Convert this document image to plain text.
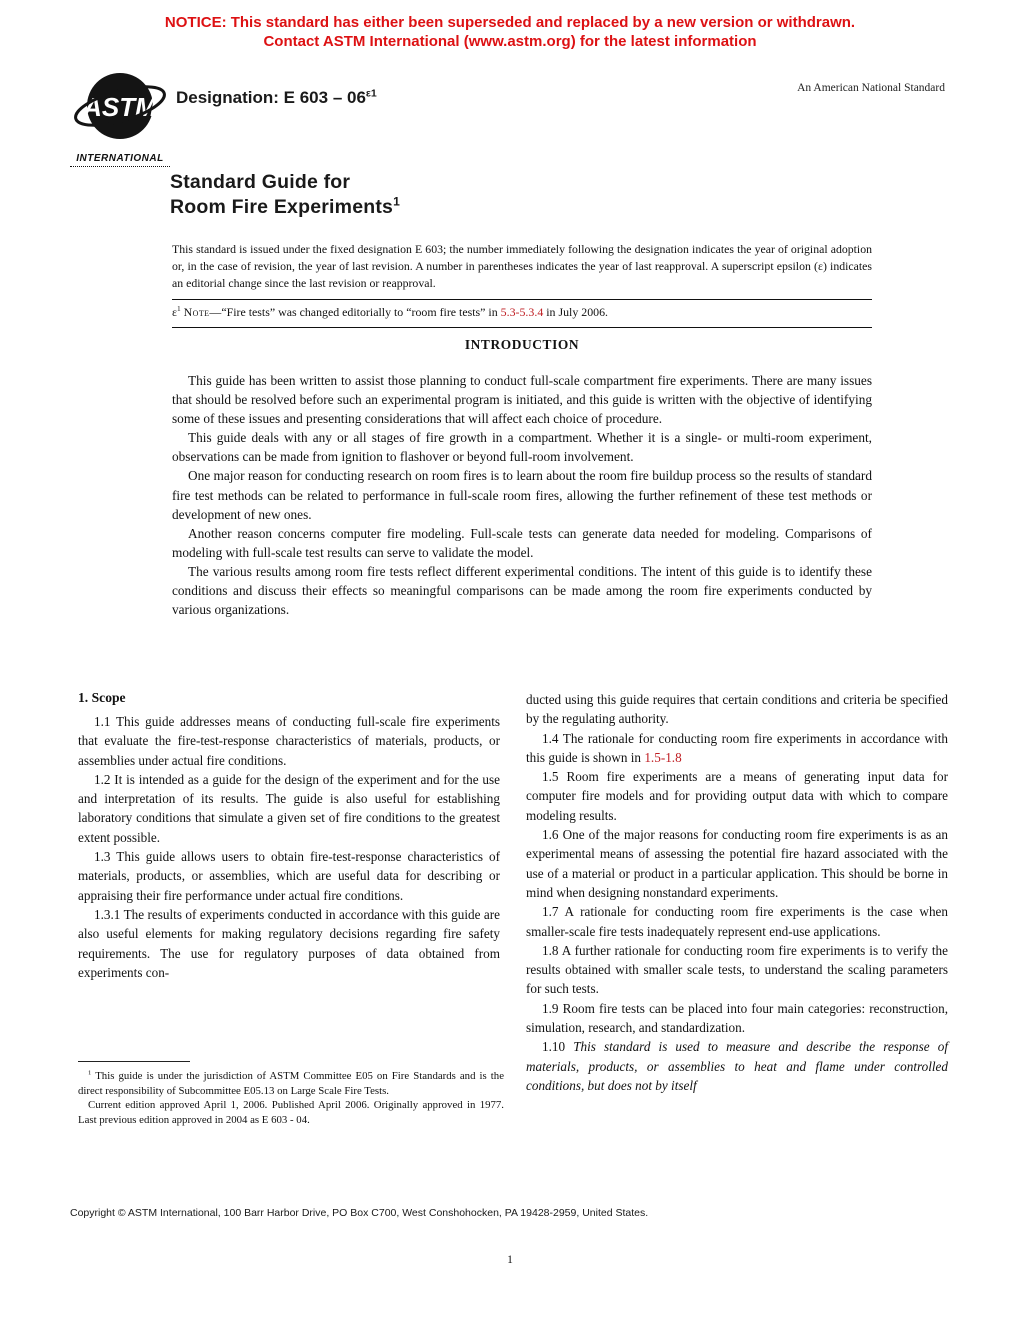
NOTICE: This standard has either been superseded and replaced by a new version or withdrawn.
Contact ASTM International (www.astm.org) for the latest information
ASTM
INTERNATIONAL
Designation: E $603 - 06^{\varepsilon 1}$	An American National Standard
Standard Guide for
Room Fire Experiments$^1$
This standard is issued under the fixed designation E 603; the number immediately following the designation indicates the year of original adoption or, in the case of revision, the year of last revision. A number in parentheses indicates the year of last reapproval. A superscript epsilon (ε) indicates an editorial change since the last revision or reapproval.
$\varepsilon^1$ Note—“Fire tests” was changed editorially to “room fire tests” in 5.3-5.3.4 in July 2006.
INTRODUCTION
This guide has been written to assist those planning to conduct full-scale compartment fire experiments. There are many issues that should be resolved before such an experimental program is initiated, and this guide is written with the objective of identifying some of these issues and presenting considerations that will affect each choice of procedure.
This guide deals with any or all stages of fire growth in a compartment. Whether it is a single- or multi-room experiment, observations can be made from ignition to flashover or beyond full-room involvement.
One major reason for conducting research on room fires is to learn about the room fire buildup process so the results of standard fire test methods can be related to performance in full-scale room fires, allowing the further refinement of these test methods or development of new ones.
Another reason concerns computer fire modeling. Full-scale tests can generate data needed for modeling. Comparisons of modeling with full-scale test results can serve to validate the model.
The various results among room fire tests reflect different experimental conditions. The intent of this guide is to identify these conditions and discuss their effects so meaningful comparisons can be made among the room fire experiments conducted by various organizations.
1. Scope
1.1 This guide addresses means of conducting full-scale fire experiments that evaluate the fire-test-response characteristics of materials, products, or assemblies under actual fire conditions.
1.2 It is intended as a guide for the design of the experiment and for the use and interpretation of its results. The guide is also useful for establishing laboratory conditions that simulate a given set of fire conditions to the greatest extent possible.
1.3 This guide allows users to obtain fire-test-response characteristics of materials, products, or assemblies, which are useful data for describing or appraising their fire performance under actual fire conditions.
1.3.1 The results of experiments conducted in accordance with this guide are also useful elements for making regulatory decisions regarding fire safety requirements. The use for regulatory purposes of data obtained from experiments con-
ducted using this guide requires that certain conditions and criteria be specified by the regulating authority.
1.4 The rationale for conducting room fire experiments in accordance with this guide is shown in 1.5-1.8
1.5 Room fire experiments are a means of generating input data for computer fire models and for providing output data with which to compare modeling results.
1.6 One of the major reasons for conducting room fire experiments is as an experimental means of assessing the potential fire hazard associated with the use of a material or product in a particular application. This should be borne in mind when designing nonstandard experiments.
1.7 A rationale for conducting room fire experiments is the case when smaller-scale fire tests inadequately represent end-use applications.
1.8 A further rationale for conducting room fire experiments is to verify the results obtained with smaller scale tests, to understand the scaling parameters for such tests.
1.9 Room fire tests can be placed into four main categories: reconstruction, simulation, research, and standardization.
1.10 This standard is used to measure and describe the response of materials, products, or assemblies to heat and flame under controlled conditions, but does not by itself
$^1$ This guide is under the jurisdiction of ASTM Committee E05 on Fire Standards and is the direct responsibility of Subcommittee E05.13 on Large Scale Fire Tests.
Current edition approved April 1, 2006. Published April 2006. Originally approved in 1977. Last previous edition approved in 2004 as E 603 - 04.
Copyright © ASTM International, 100 Barr Harbor Drive, PO Box C700, West Conshohocken, PA 19428-2959, United States.
1
